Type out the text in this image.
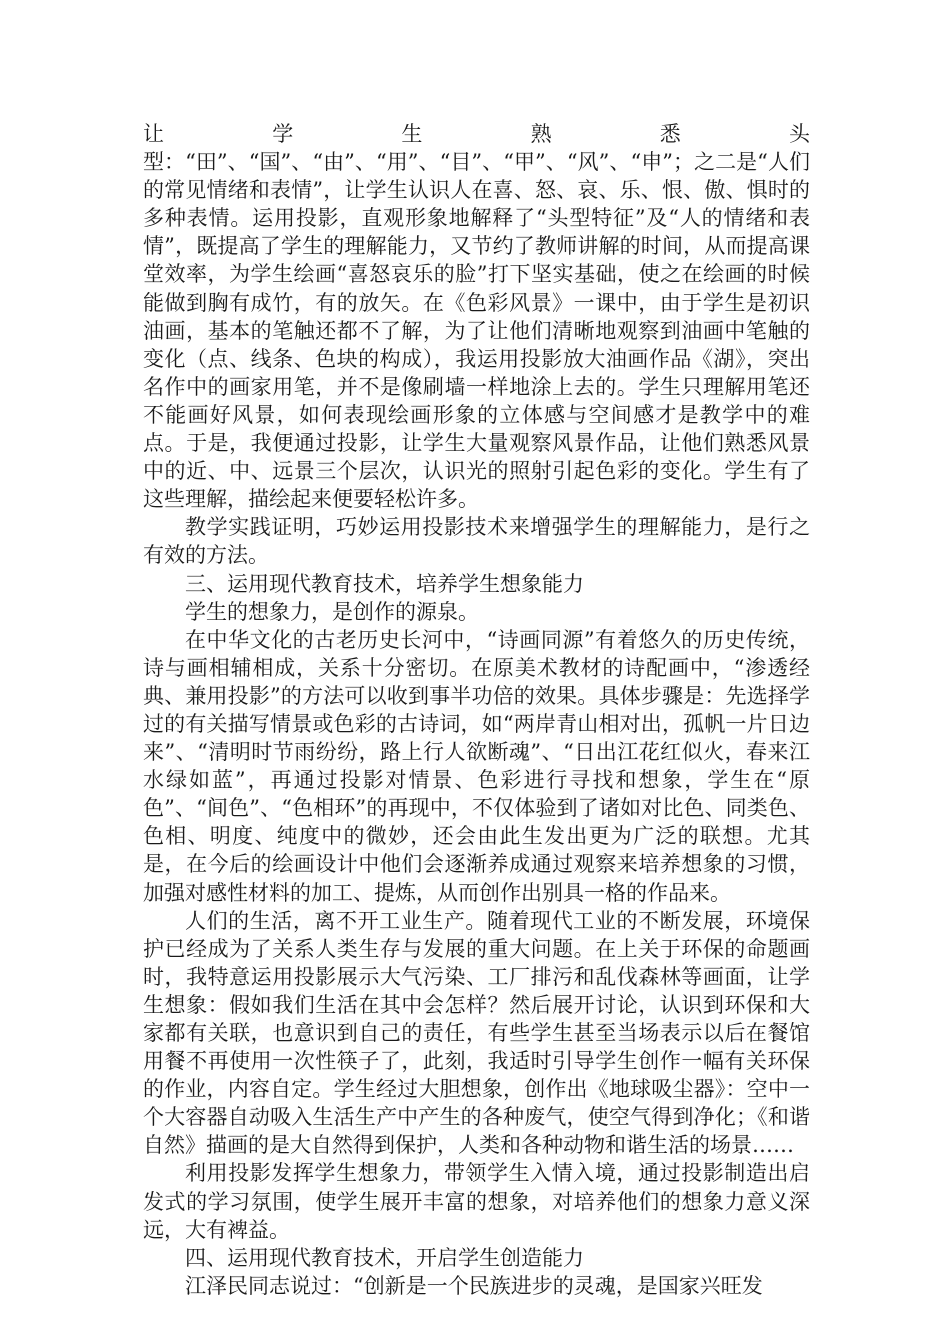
让学生熟悉头型：“田”、“国”、“由”、“用”、“目”、“甲”、“风”、“申”；之二是“人们的常见情绪和表情”，让学生认识人在喜、怒、哀、乐、恨、傲、惧时的多种表情。运用投影，直观形象地解释了“头型特征”及“人的情绪和表情”，既提高了学生的理解能力，又节约了教师讲解的时间，从而提高课堂效率，为学生绘画“喜怒哀乐的脸”打下坚实基础，使之在绘画的时候能做到胸有成竹，有的放矢。在《色彩风景》一课中，由于学生是初识油画，基本的笔触还都不了解，为了让他们清晰地观察到油画中笔触的变化（点、线条、色块的构成），我运用投影放大油画作品《湖》，突出名作中的画家用笔，并不是像刷墙一样地涂上去的。学生只理解用笔还不能画好风景，如何表现绘画形象的立体感与空间感才是教学中的难点。于是，我便通过投影，让学生大量观察风景作品，让他们熟悉风景中的近、中、远景三个层次，认识光的照射引起色彩的变化。学生有了这些理解，描绘起来便要轻松许多。

教学实践证明，巧妙运用投影技术来增强学生的理解能力，是行之有效的方法。

三、运用现代教育技术，培养学生想象能力

学生的想象力，是创作的源泉。

在中华文化的古老历史长河中，“诗画同源”有着悠久的历史传统，诗与画相辅相成，关系十分密切。在原美术教材的诗配画中，“渗透经典、兼用投影”的方法可以收到事半功倍的效果。具体步骤是：先选择学过的有关描写情景或色彩的古诗词，如“两岸青山相对出，孤帆一片日边来”、“清明时节雨纷纷，路上行人欲断魂”、“日出江花红似火，春来江水绿如蓝”，再通过投影对情景、色彩进行寻找和想象，学生在“原色”、“间色”、“色相环”的再现中，不仅体验到了诸如对比色、同类色、色相、明度、纯度中的微妙，还会由此生发出更为广泛的联想。尤其是，在今后的绘画设计中他们会逐渐养成通过观察来培养想象的习惯，加强对感性材料的加工、提炼，从而创作出别具一格的作品来。

人们的生活，离不开工业生产。随着现代工业的不断发展，环境保护已经成为了关系人类生存与发展的重大问题。在上关于环保的命题画时，我特意运用投影展示大气污染、工厂排污和乱伐森林等画面，让学生想象：假如我们生活在其中会怎样？然后展开讨论，认识到环保和大家都有关联，也意识到自己的责任，有些学生甚至当场表示以后在餐馆用餐不再使用一次性筷子了，此刻，我适时引导学生创作一幅有关环保的作业，内容自定。学生经过大胆想象，创作出《地球吸尘器》：空中一个大容器自动吸入生活生产中产生的各种废气，使空气得到净化；《和谐自然》描画的是大自然得到保护，人类和各种动物和谐生活的场景……

利用投影发挥学生想象力，带领学生入情入境，通过投影制造出启发式的学习氛围，使学生展开丰富的想象，对培养他们的想象力意义深远，大有裨益。

四、运用现代教育技术，开启学生创造能力

江泽民同志说过：“创新是一个民族进步的灵魂，是国家兴旺发
